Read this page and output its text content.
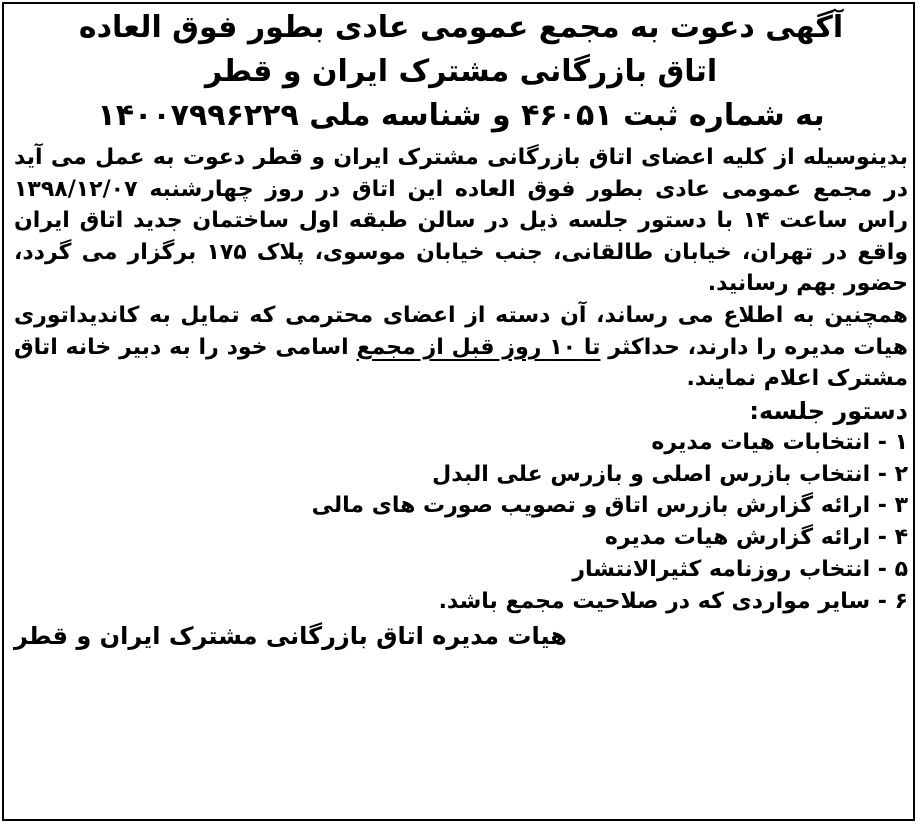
آگهی دعوت به مجمع عمومی عادی بطور فوق العاده
اتاق بازرگانی مشترک ایران و قطر
به شماره ثبت ۴۶۰۵۱ و شناسه ملی ۱۴۰۰۷۹۹۶۲۲۹

بدینوسیله از کلیه اعضای اتاق بازرگانی مشترک ایران و قطر دعوت به عمل می آید در مجمع عمومی عادی بطور فوق العاده این اتاق در روز چهارشنبه ۱۳۹۸/۱۲/۰۷ راس ساعت ۱۴ با دستور جلسه ذیل در سالن طبقه اول ساختمان جدید اتاق ایران واقع در تهران، خیابان طالقانی، جنب خیابان موسوی، پلاک ۱۷۵ برگزار می گردد، حضور بهم رسانید.

همچنین به اطلاع می رساند، آن دسته از اعضای محترمی که تمایل به کاندیداتوری هیات مدیره را دارند، حداکثر تا ۱۰ روز قبل از مجمع اسامی خود را به دبیر خانه اتاق مشترک اعلام نمایند.

دستور جلسه:
۱ - انتخابات هیات مدیره
۲ - انتخاب بازرس اصلی و بازرس علی البدل
۳ - ارائه گزارش بازرس اتاق و تصویب صورت های مالی
۴ - ارائه گزارش هیات مدیره
۵ - انتخاب روزنامه کثیرالانتشار
۶ - سایر مواردی که در صلاحیت مجمع باشد.
هیات مدیره اتاق بازرگانی مشترک ایران و قطر
